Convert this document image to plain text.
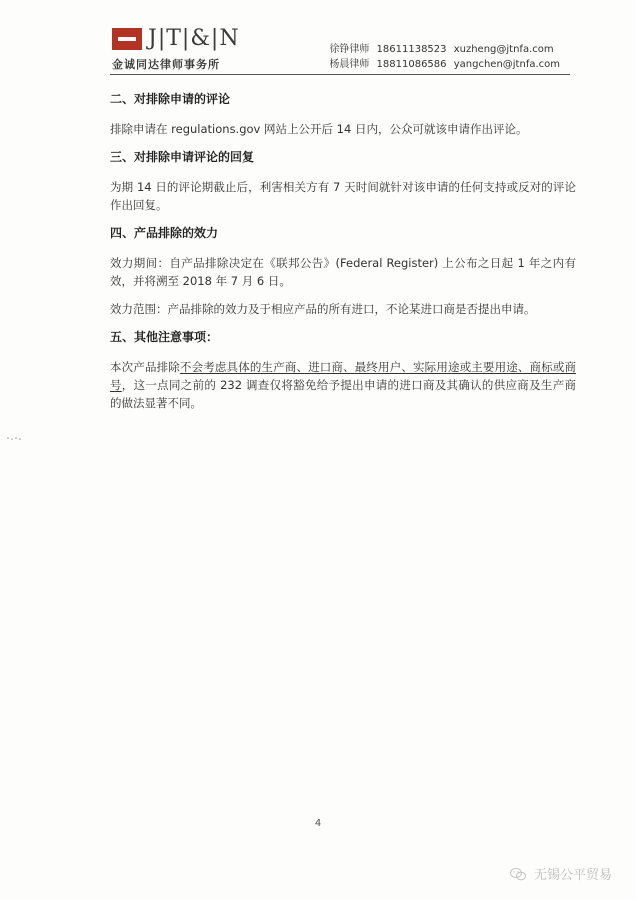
J|T|&|N
金诚同达律师事务所
徐铮律师 18611138523 xuzheng@jtnfa.com
杨晨律师 18811086586 yangchen@jtnfa.com
二、对排除申请的评论

排除申请在 regulations.gov 网站上公开后 14 日内，公众可就该申请作出评论。

三、对排除申请评论的回复

为期 14 日的评论期截止后，利害相关方有 7 天时间就针对该申请的任何支持或反对的评论作出回复。

四、产品排除的效力

效力期间：自产品排除决定在《联邦公告》(Federal Register) 上公布之日起 1 年之内有效，并将溯至 2018 年 7 月 6 日。

效力范围：产品排除的效力及于相应产品的所有进口，不论某进口商是否提出申请。

五、其他注意事项：

本次产品排除不会考虑具体的生产商、进口商、最终用户、实际用途或主要用途、商标或商号，这一点同之前的 232 调查仅将豁免给予提出申请的进口商及其确认的供应商及生产商的做法显著不同。

4
无锡公平贸易
